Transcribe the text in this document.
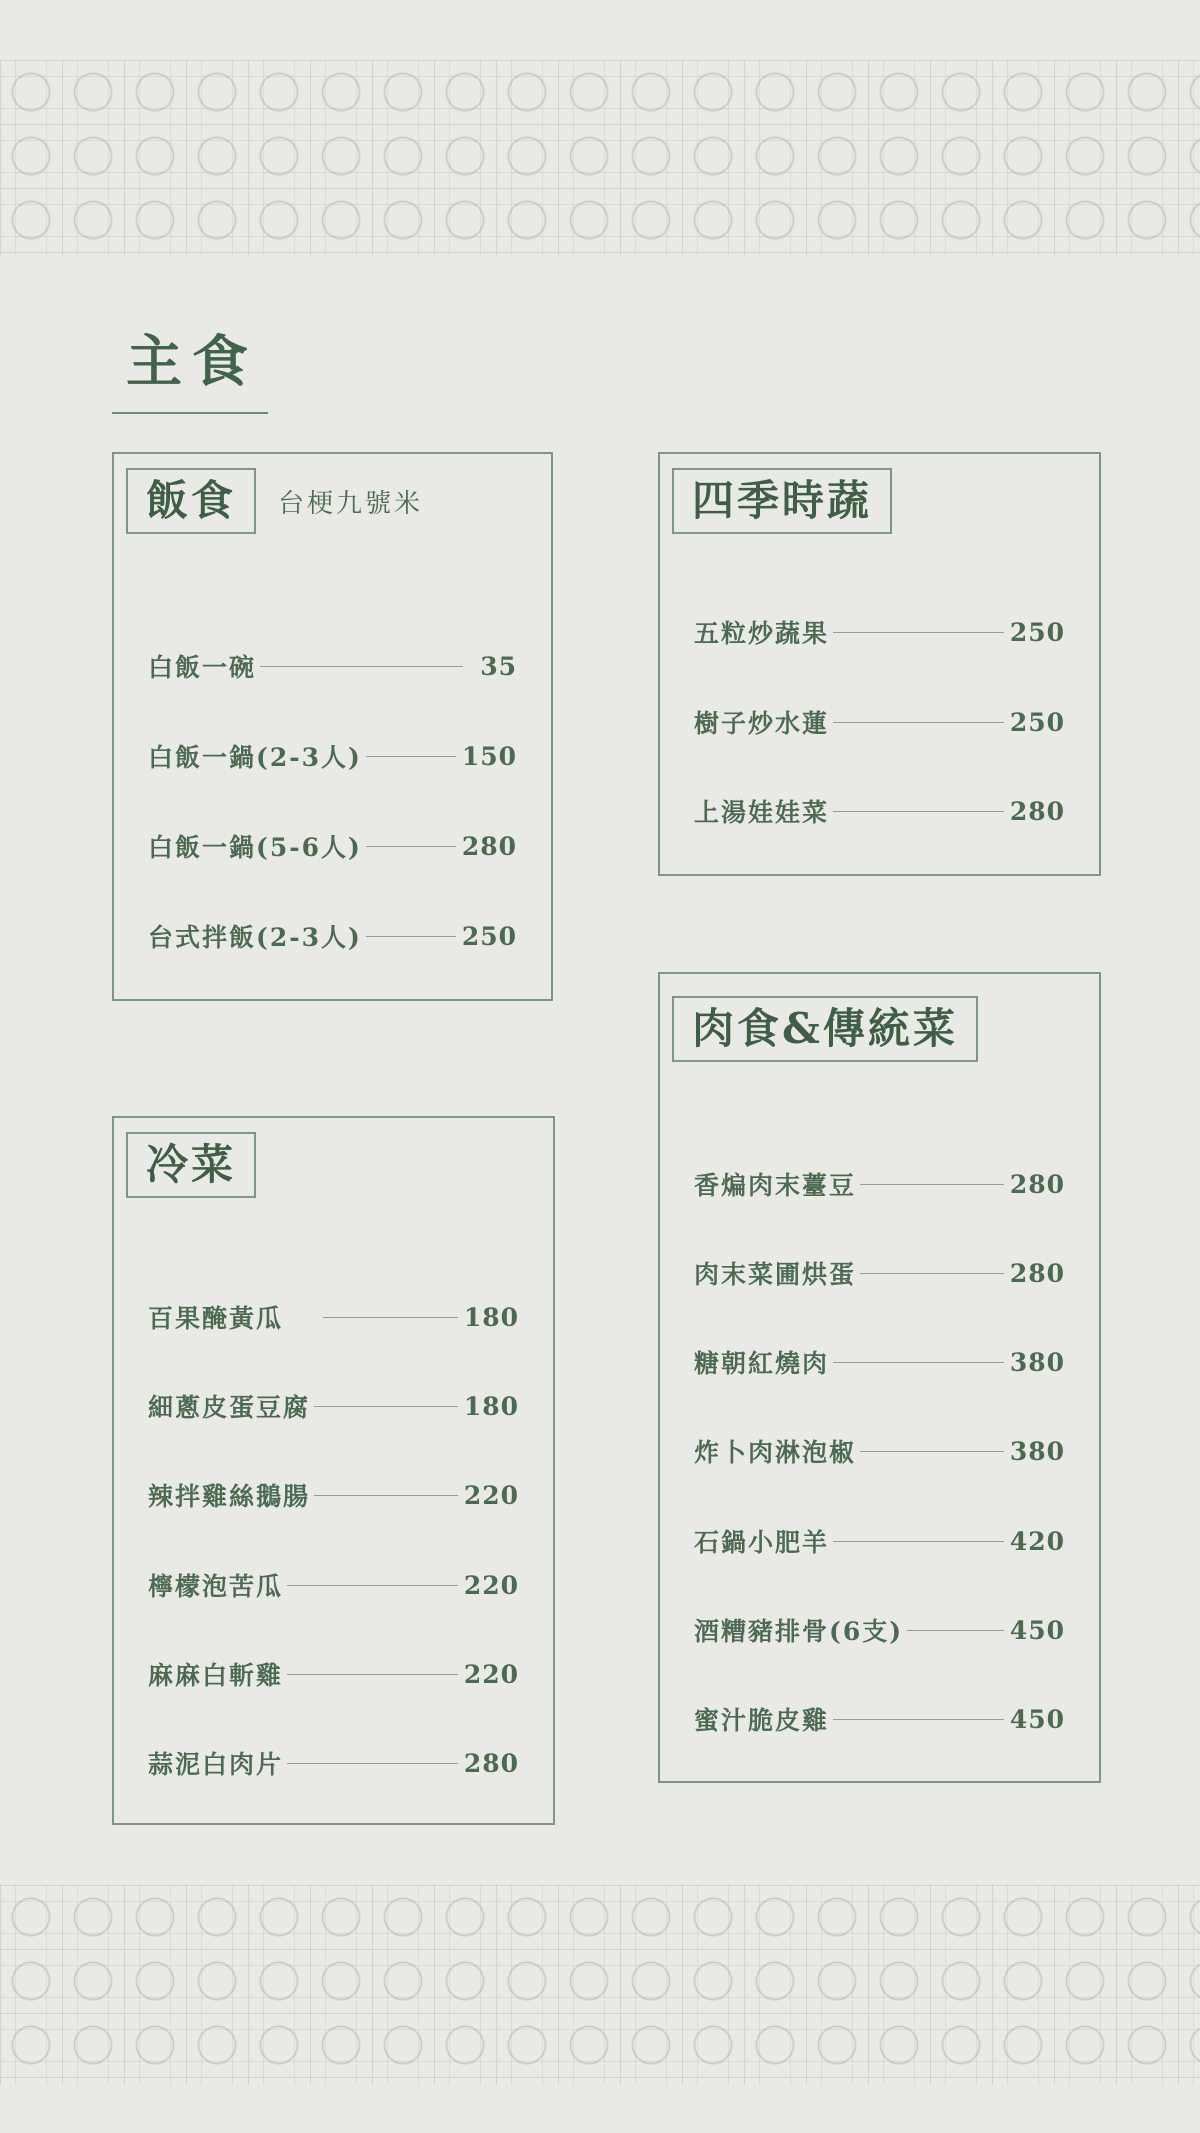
主食
飯食	台梗九號米
白飯一碗	35
白飯一鍋(2-3人)	150
白飯一鍋(5-6人)	280
台式拌飯(2-3人)	250
四季時蔬
五粒炒蔬果	250
樹子炒水蓮	250
上湯娃娃菜	280
冷菜
百果醃黃瓜	180
細蔥皮蛋豆腐	180
辣拌雞絲鵝腸	220
檸檬泡苦瓜	220
麻麻白斬雞	220
蒜泥白肉片	280
肉食&傳統菜
香煸肉末薹豆	280
肉末菜圃烘蛋	280
糖朝紅燒肉	380
炸卜肉淋泡椒	380
石鍋小肥羊	420
酒糟豬排骨(6支)	450
蜜汁脆皮雞	450
